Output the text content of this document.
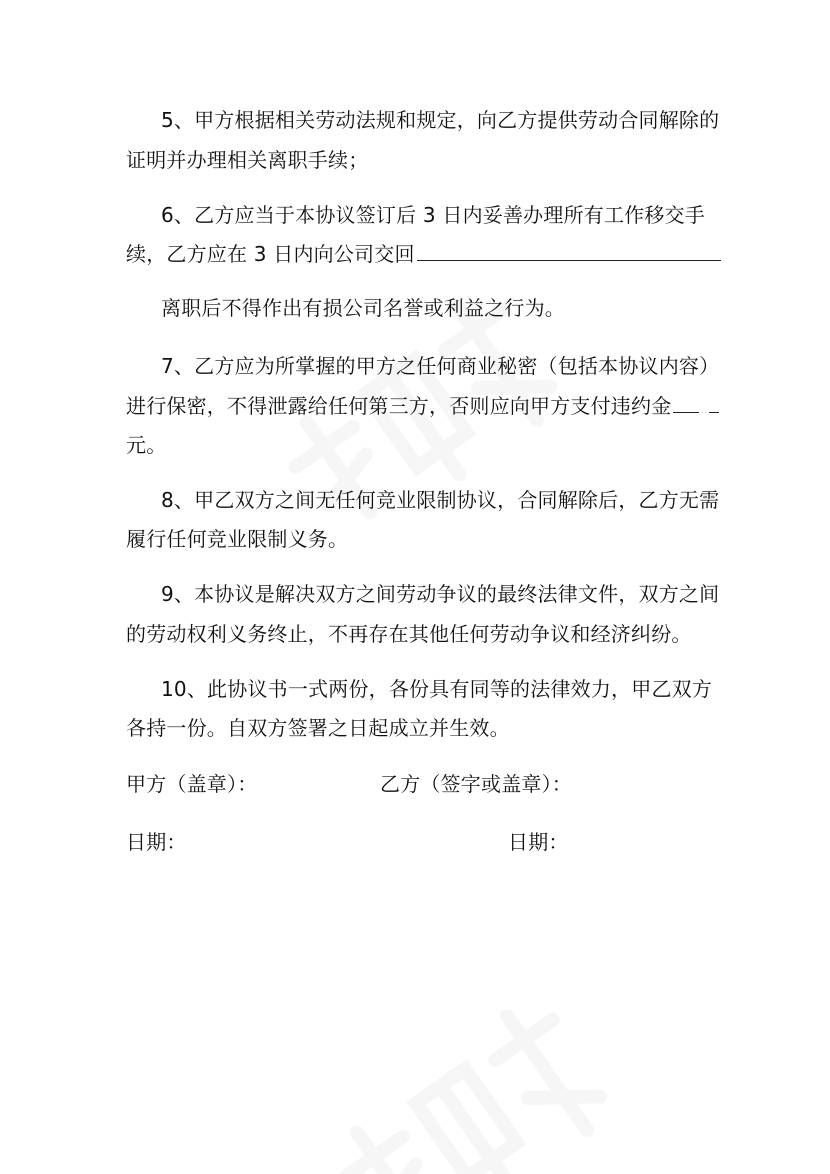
5、甲方根据相关劳动法规和规定，向乙方提供劳动合同解除的
证明并办理相关离职手续；
6、乙方应当于本协议签订后 3 日内妥善办理所有工作移交手
续，乙方应在 3 日内向公司交回
离职后不得作出有损公司名誉或利益之行为。
7、乙方应为所掌握的甲方之任何商业秘密（包括本协议内容）
进行保密，不得泄露给任何第三方，否则应向甲方支付违约金
元。
8、甲乙双方之间无任何竞业限制协议，合同解除后，乙方无需
履行任何竞业限制义务。
9、本协议是解决双方之间劳动争议的最终法律文件，双方之间
的劳动权利义务终止，不再存在其他任何劳动争议和经济纠纷。
10、此协议书一式两份，各份具有同等的法律效力，甲乙双方
各持一份。自双方签署之日起成立并生效。
甲方（盖章）：	乙方（签字或盖章）：
日期：	日期：
